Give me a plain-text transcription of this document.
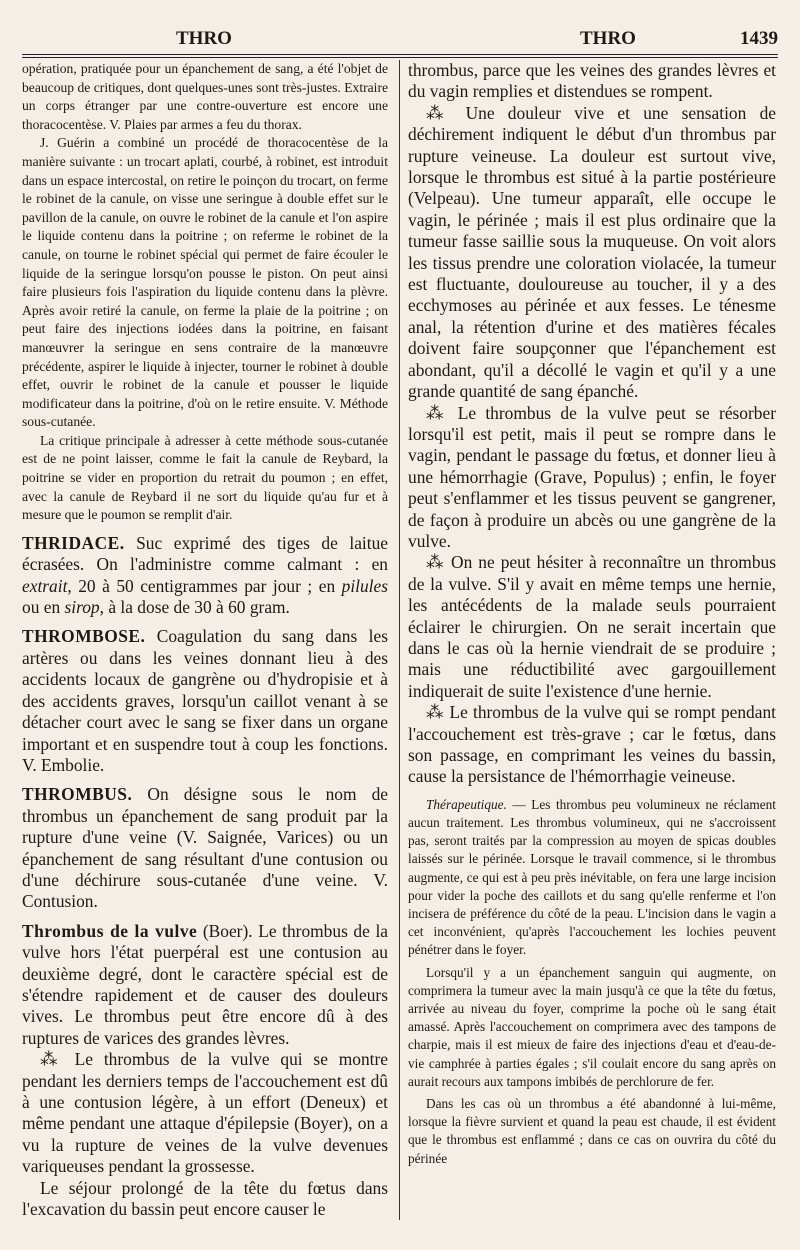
THRO	THRO	1439

opération, pratiquée pour un épanchement de sang, a été l'objet de beaucoup de critiques, dont quelques-unes sont très-justes. Extraire un corps étranger par une contre-ouverture est encore une thoracocentèse. V. Plaies par armes a feu du thorax.

J. Guérin a combiné un procédé de thoracocentèse de la manière suivante : un trocart aplati, courbé, à robinet, est introduit dans un espace intercostal, on retire le poinçon du trocart, on ferme le robinet de la canule, on visse une seringue à double effet sur le pavillon de la canule, on ouvre le robinet de la canule et l'on aspire le liquide contenu dans la poitrine ; on referme le robinet de la canule, on tourne le robinet spécial qui permet de faire écouler le liquide de la seringue lorsqu'on pousse le piston. On peut ainsi faire plusieurs fois l'aspiration du liquide contenu dans la plèvre. Après avoir retiré la canule, on ferme la plaie de la poitrine ; on peut faire des injections iodées dans la poitrine, en faisant manœuvrer la seringue en sens contraire de la manœuvre précédente, aspirer le liquide à injecter, tourner le robinet à double effet, ouvrir le robinet de la canule et pousser le liquide modificateur dans la poitrine, d'où on le retire ensuite. V. Méthode sous-cutanée.

La critique principale à adresser à cette méthode sous-cutanée est de ne point laisser, comme le fait la canule de Reybard, la poitrine se vider en proportion du retrait du poumon ; en effet, avec la canule de Reybard il ne sort du liquide qu'au fur et à mesure que le poumon se remplit d'air.

THRIDACE. Suc exprimé des tiges de laitue écrasées. On l'administre comme calmant : en extrait, 20 à 50 centigrammes par jour ; en pilules ou en sirop, à la dose de 30 à 60 gram.

THROMBOSE. Coagulation du sang dans les artères ou dans les veines donnant lieu à des accidents locaux de gangrène ou d'hydropisie et à des accidents graves, lorsqu'un caillot venant à se détacher court avec le sang se fixer dans un organe important et en suspendre tout à coup les fonctions. V. Embolie.

THROMBUS. On désigne sous le nom de thrombus un épanchement de sang produit par la rupture d'une veine (V. Saignée, Varices) ou un épanchement de sang résultant d'une contusion ou d'une déchirure sous-cutanée d'une veine. V. Contusion.

Thrombus de la vulve (Boer). Le thrombus de la vulve hors l'état puerpéral est une contusion au deuxième degré, dont le caractère spécial est de s'étendre rapidement et de causer des douleurs vives. Le thrombus peut être encore dû à des ruptures de varices des grandes lèvres.

⁂ Le thrombus de la vulve qui se montre pendant les derniers temps de l'accouchement est dû à une contusion légère, à un effort (Deneux) et même pendant une attaque d'épilepsie (Boyer), on a vu la rupture de veines de la vulve devenues variqueuses pendant la grossesse.

Le séjour prolongé de la tête du fœtus dans l'excavation du bassin peut encore causer le

thrombus, parce que les veines des grandes lèvres et du vagin remplies et distendues se rompent.

⁂ Une douleur vive et une sensation de déchirement indiquent le début d'un thrombus par rupture veineuse. La douleur est surtout vive, lorsque le thrombus est situé à la partie postérieure (Velpeau). Une tumeur apparaît, elle occupe le vagin, le périnée ; mais il est plus ordinaire que la tumeur fasse saillie sous la muqueuse. On voit alors les tissus prendre une coloration violacée, la tumeur est fluctuante, douloureuse au toucher, il y a des ecchymoses au périnée et aux fesses. Le ténesme anal, la rétention d'urine et des matières fécales doivent faire soupçonner que l'épanchement est abondant, qu'il a décollé le vagin et qu'il y a une grande quantité de sang épanché.

⁂ Le thrombus de la vulve peut se résorber lorsqu'il est petit, mais il peut se rompre dans le vagin, pendant le passage du fœtus, et donner lieu à une hémorrhagie (Grave, Populus) ; enfin, le foyer peut s'enflammer et les tissus peuvent se gangrener, de façon à produire un abcès ou une gangrène de la vulve.

⁂ On ne peut hésiter à reconnaître un thrombus de la vulve. S'il y avait en même temps une hernie, les antécédents de la malade seuls pourraient éclairer le chirurgien. On ne serait incertain que dans le cas où la hernie viendrait de se produire ; mais une réductibilité avec gargouillement indiquerait de suite l'existence d'une hernie.

⁂ Le thrombus de la vulve qui se rompt pendant l'accouchement est très-grave ; car le fœtus, dans son passage, en comprimant les veines du bassin, cause la persistance de l'hémorrhagie veineuse.

Thérapeutique. — Les thrombus peu volumineux ne réclament aucun traitement. Les thrombus volumineux, qui ne s'accroissent pas, seront traités par la compression au moyen de spicas doubles laissés sur le périnée. Lorsque le travail commence, si le thrombus augmente, ce qui est à peu près inévitable, on fera une large incision pour vider la poche des caillots et du sang qu'elle renferme et l'on incisera de préférence du côté de la peau. L'incision dans le vagin a cet inconvénient, qu'après l'accouchement les lochies peuvent pénétrer dans le foyer.

Lorsqu'il y a un épanchement sanguin qui augmente, on comprimera la tumeur avec la main jusqu'à ce que la tête du fœtus, arrivée au niveau du foyer, comprime la poche où le sang était amassé. Après l'accouchement on comprimera avec des tampons de charpie, mais il est mieux de faire des injections d'eau et d'eau-de-vie camphrée à parties égales ; s'il coulait encore du sang après on aurait recours aux tampons imbibés de perchlorure de fer.

Dans les cas où un thrombus a été abandonné à lui-même, lorsque la fièvre survient et quand la peau est chaude, il est évident que le thrombus est enflammé ; dans ce cas on ouvrira du côté du périnée
